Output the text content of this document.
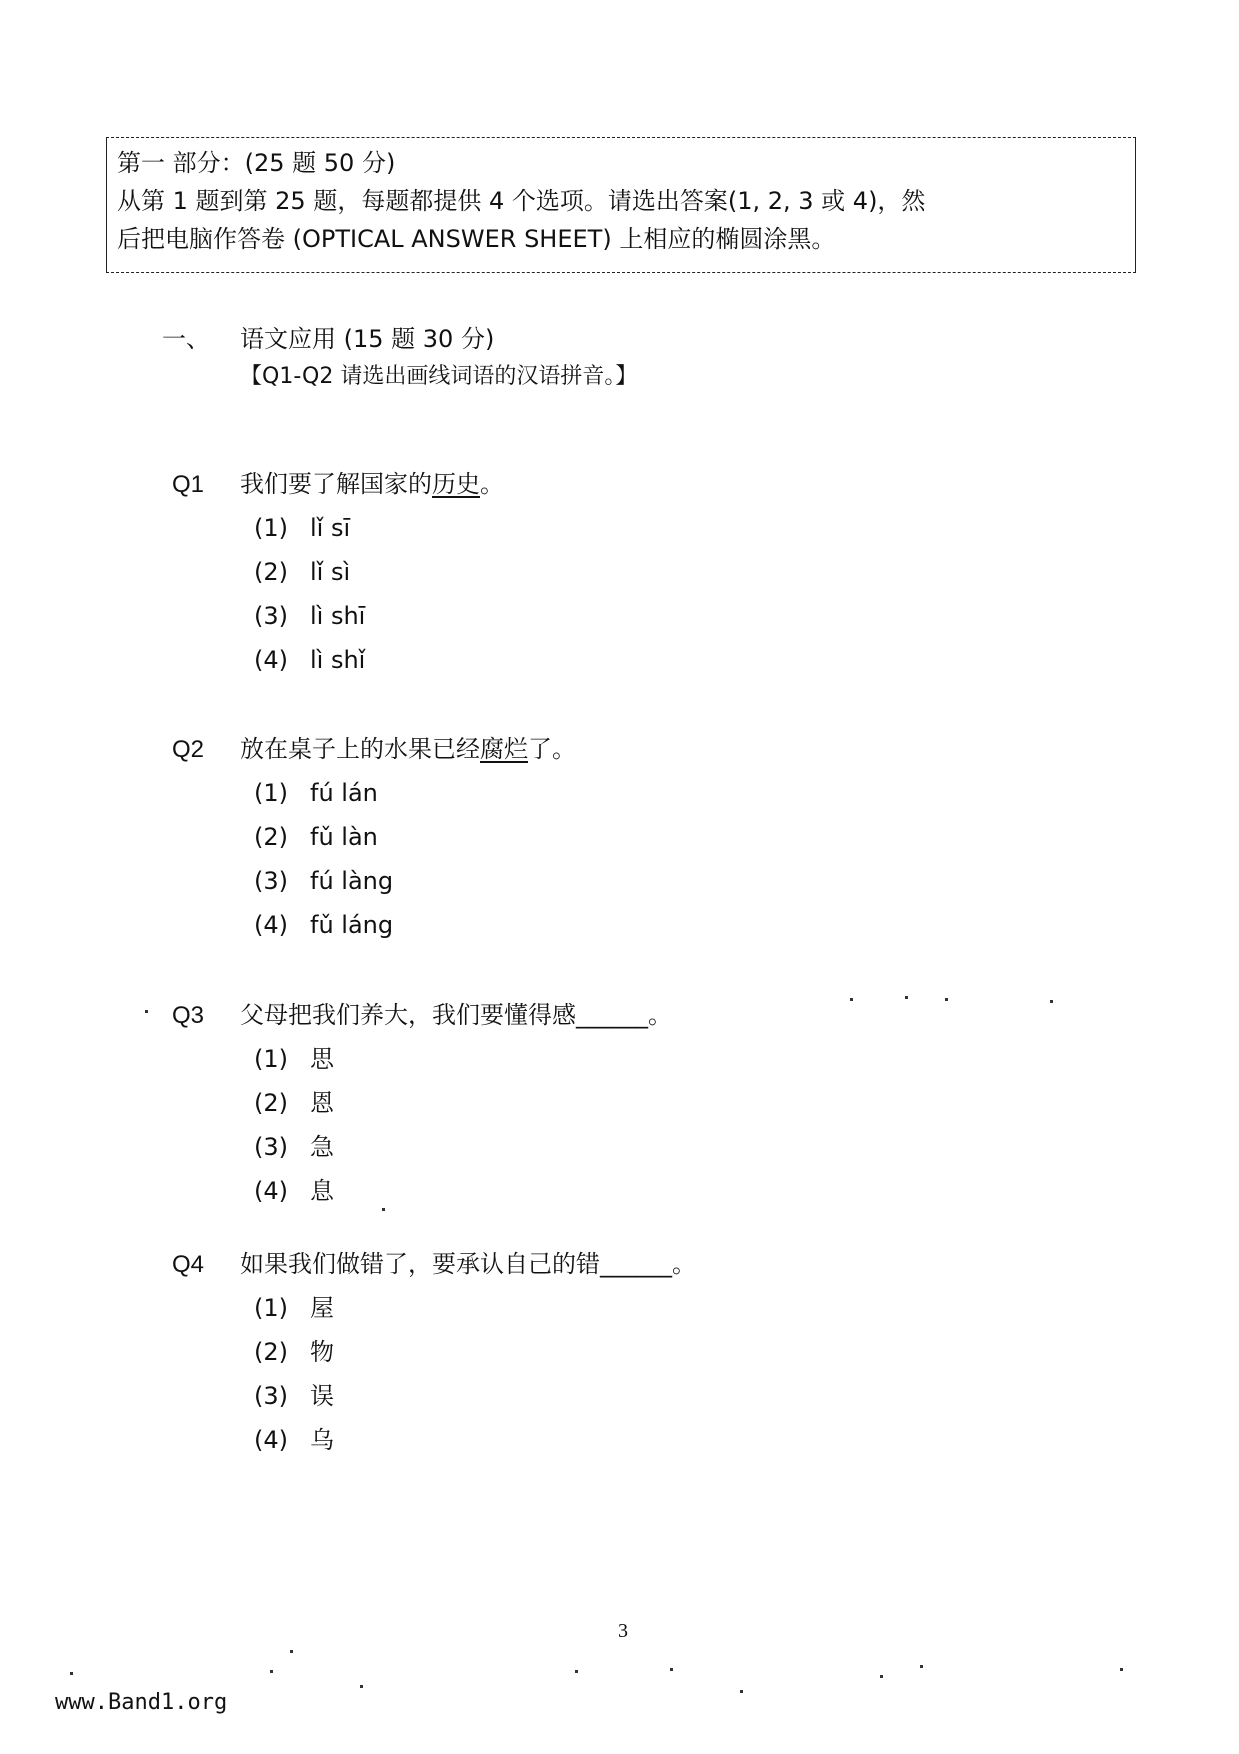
第一 部分：(25 题 50 分)
从第 1 题到第 25 题，每题都提供 4 个选项。请选出答案(1, 2, 3 或 4)，然
后把电脑作答卷 (OPTICAL ANSWER SHEET) 上相应的椭圆涂黑。
一、 语文应用 (15 题 30 分)
【Q1-Q2 请选出画线词语的汉语拼音。】
Q1 我们要了解国家的历史。
(1) lǐ sī
(2) lǐ sì
(3) lì shī
(4) lì shǐ
Q2 放在桌子上的水果已经腐烂了。
(1) fú lán
(2) fǔ làn
(3) fú làng
(4) fǔ láng
Q3 父母把我们养大，我们要懂得感______。
(1) 思
(2) 恩
(3) 急
(4) 息
Q4 如果我们做错了，要承认自己的错______。
(1) 屋
(2) 物
(3) 误
(4) 乌
3
www.Band1.org
